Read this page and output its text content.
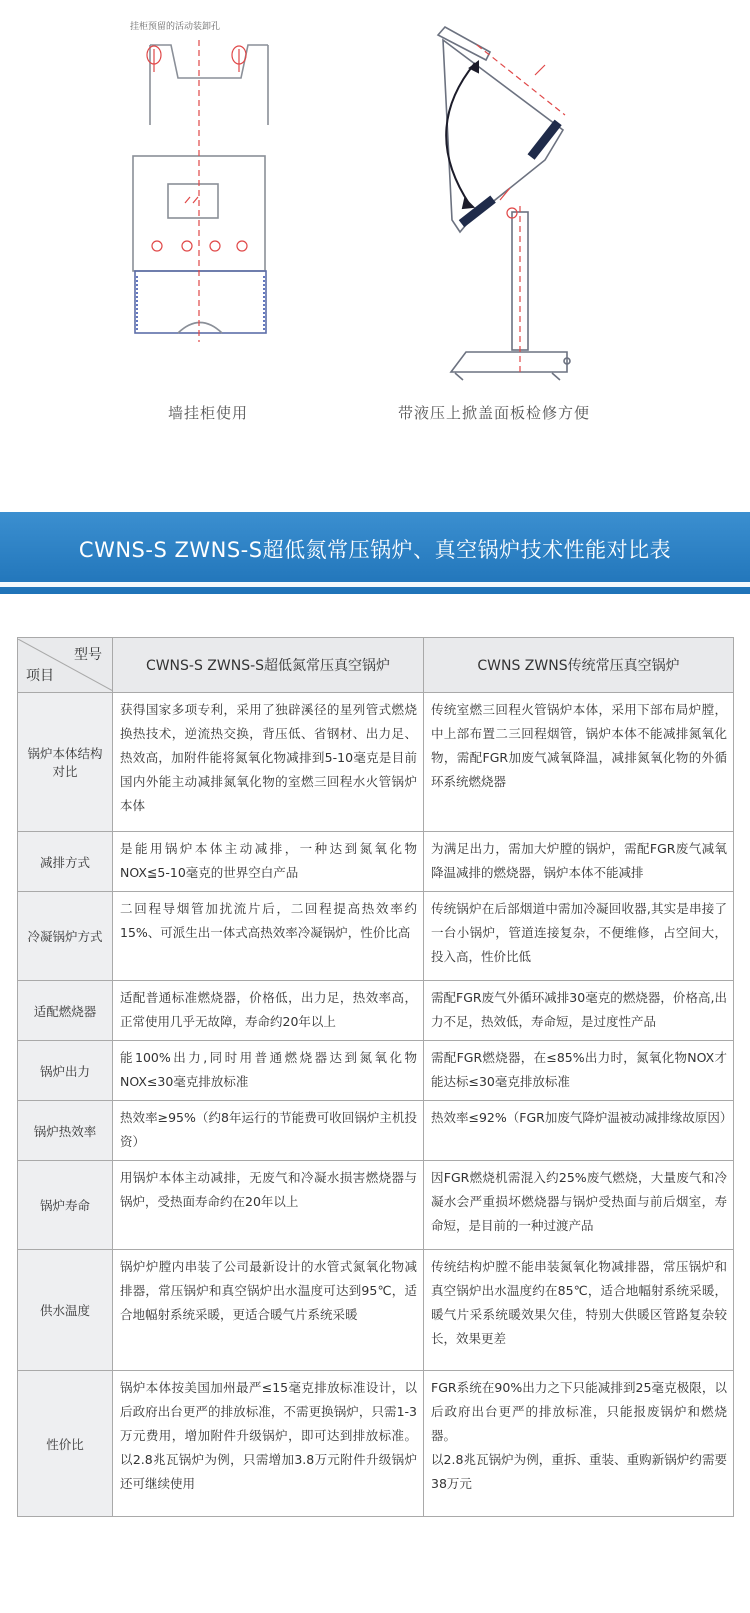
挂柜预留的活动装卸孔
墙挂柜使用	带液压上掀盖面板检修方便
CWNS-S ZWNS-S超低氮常压锅炉、真空锅炉技术性能对比表
型号
项目	CWNS-S ZWNS-S超低氮常压真空锅炉	CWNS ZWNS传统常压真空锅炉
锅炉本体结构对比	获得国家多项专利，采用了独辟溪径的星列管式燃烧换热技术，逆流热交换，背压低、省钢材、出力足、热效高，加附件能将氮氧化物减排到5-10毫克是目前国内外能主动减排氮氧化物的室燃三回程水火管锅炉本体	传统室燃三回程火管锅炉本体，采用下部布局炉膛，中上部布置二三回程烟管，锅炉本体不能减排氮氧化物，需配FGR加废气减氧降温，减排氮氧化物的外循环系统燃烧器
减排方式	是能用锅炉本体主动减排，一种达到氮氧化物NOX≦5-10毫克的世界空白产品	为满足出力，需加大炉膛的锅炉，需配FGR废气减氧降温减排的燃烧器，锅炉本体不能减排
冷凝锅炉方式	二回程导烟管加扰流片后，二回程提高热效率约15%、可派生出一体式高热效率冷凝锅炉，性价比高	传统锅炉在后部烟道中需加冷凝回收器,其实是串接了一台小锅炉，管道连接复杂，不便维修，占空间大，投入高，性价比低
适配燃烧器	适配普通标准燃烧器，价格低，出力足，热效率高，正常使用几乎无故障，寿命约20年以上	需配FGR废气外循环减排30毫克的燃烧器，价格高,出力不足，热效低，寿命短，是过度性产品
锅炉出力	能100%出力,同时用普通燃烧器达到氮氧化物NOX≤30毫克排放标准	需配FGR燃烧器，在≤85%出力时，氮氧化物NOX才能达标≤30毫克排放标准
锅炉热效率	热效率≥95%（约8年运行的节能费可收回锅炉主机投资）	热效率≤92%（FGR加废气降炉温被动减排缘故原因）
锅炉寿命	用锅炉本体主动减排，无废气和冷凝水损害燃烧器与锅炉，受热面寿命约在20年以上	因FGR燃烧机需混入约25%废气燃烧，大量废气和冷凝水会严重损坏燃烧器与锅炉受热面与前后烟室，寿命短，是目前的一种过渡产品
供水温度	锅炉炉膛内串装了公司最新设计的水管式氮氧化物减排器，常压锅炉和真空锅炉出水温度可达到95℃，适合地幅射系统采暖，更适合暖气片系统采暖	传统结构炉膛不能串装氮氧化物减排器，常压锅炉和真空锅炉出水温度约在85℃，适合地幅射系统采暖，暖气片采系统暖效果欠佳，特别大供暖区管路复杂较长，效果更差
性价比	锅炉本体按美国加州最严≤15毫克排放标准设计，以后政府出台更严的排放标准，不需更换锅炉，只需1-3万元费用，增加附件升级锅炉，即可达到排放标准。以2.8兆瓦锅炉为例，只需增加3.8万元附件升级锅炉还可继续使用	FGR系统在90%出力之下只能减排到25毫克极限，以后政府出台更严的排放标准，只能报废锅炉和燃烧器。
以2.8兆瓦锅炉为例，重拆、重装、重购新锅炉约需要38万元
